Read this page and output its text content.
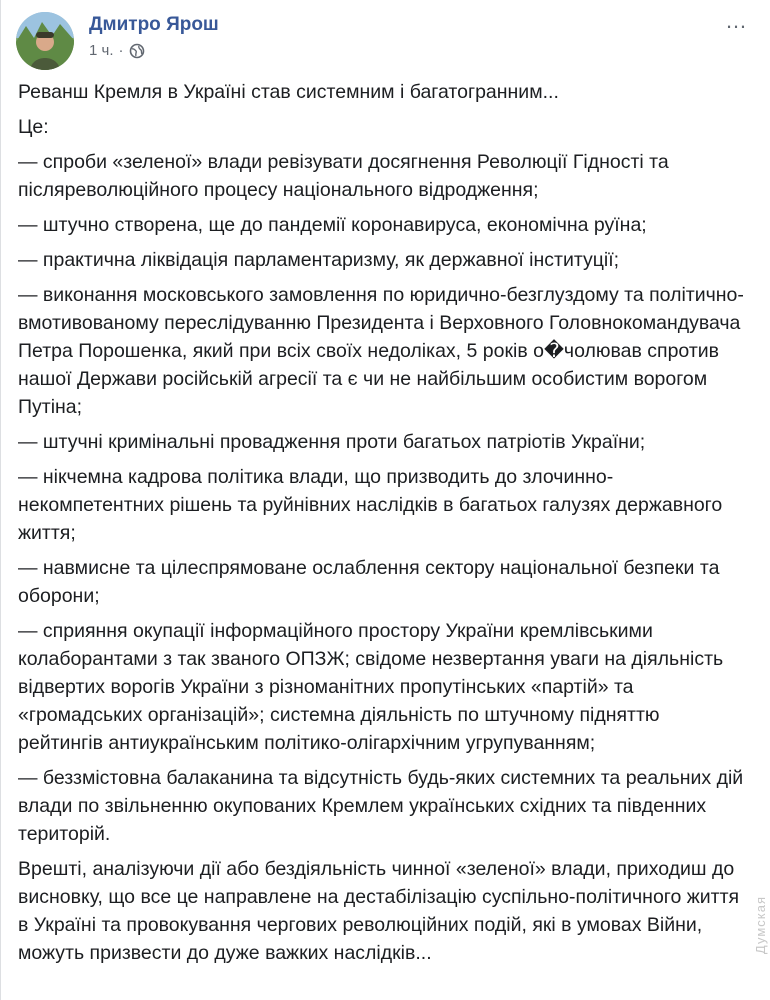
Дмитро Ярош
1 ч. ·
…

Реванш Кремля в Україні став системним і багатогранним...

Це:

— спроби «зеленої» влади ревізувати досягнення Революції Гідності та післяреволюційного процесу національного відродження;

— штучно створена, ще до пандемії коронавируса, економічна руїна;

— практична ліквідація парламентаризму, як державної інституції;

— виконання московського замовлення по юридично-безглуздому та політично-вмотивованому переслідуванню Президента і Верховного Головнокомандувача Петра Порошенка, який при всіх своїх недоліках, 5 років о�чолював спротив нашої Держави російській агресії та є чи не найбільшим особистим ворогом Путіна;

— штучні кримінальні провадження проти багатьох патріотів України;

— нікчемна кадрова політика влади, що призводить до злочинно-некомпетентних рішень та руйнівних наслідків в багатьох галузях державного життя;

— навмисне та цілеспрямоване ослаблення сектору національної безпеки та оборони;

— сприяння окупації інформаційного простору України кремлівськими колаборантами з так званого ОПЗЖ; свідоме незвертання уваги на діяльність відвертих ворогів України з різноманітних пропутінських «партій» та «громадських організацій»; системна діяльність по штучному підняттю рейтингів антиукраїнським політико-олігархічним угрупуванням;

— беззмістовна балаканина та відсутність будь-яких системних та реальних дій влади по звільненню окупованих Кремлем українських східних та південних територій.

Врешті, аналізуючи дії або бездіяльність чинної «зеленої» влади, приходиш до висновку, що все це направлене на дестабілізацію суспільно-політичного життя в Україні та провокування чергових революційних подій, які в умовах Війни, можуть призвести до дуже важких наслідків...	Думская
